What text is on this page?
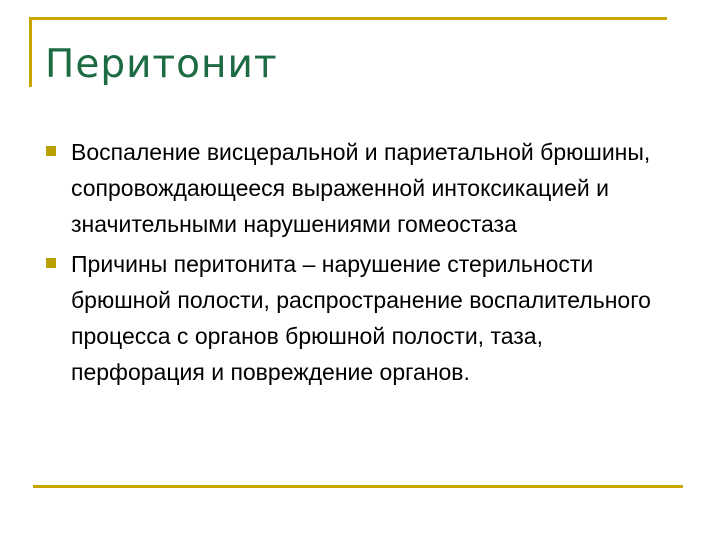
Перитонит
Воспаление висцеральной и париетальной брюшины, сопровождающееся выраженной интоксикацией и значительными нарушениями гомеостаза
Причины перитонита – нарушение стерильности брюшной полости, распространение воспалительного процесса с органов брюшной полости, таза, перфорация и повреждение органов.
